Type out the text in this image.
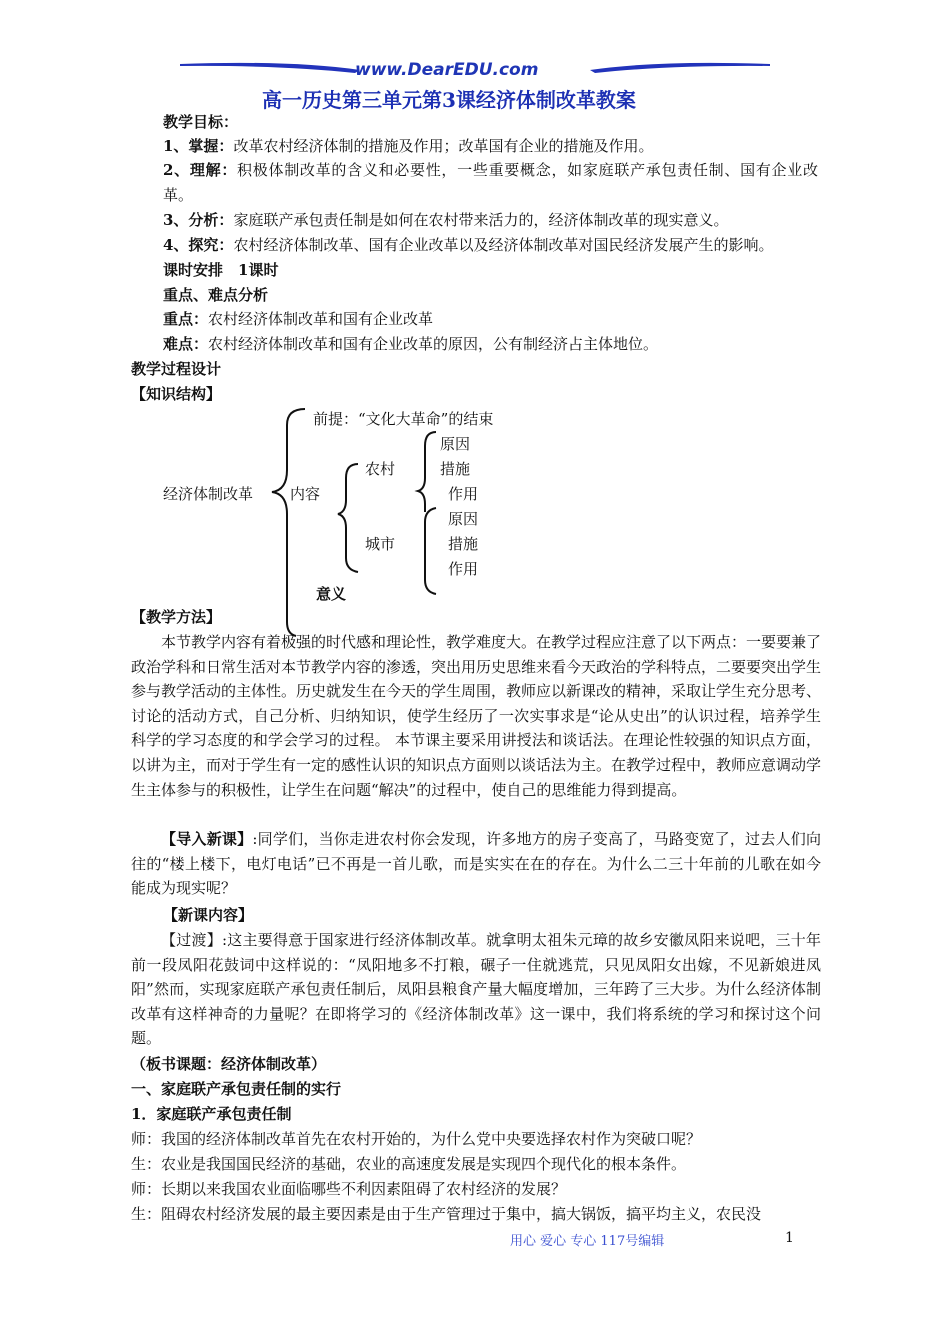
www.DearEDU.com
高一历史第三单元第3课经济体制改革教案
教学目标：
1、掌握：改革农村经济体制的措施及作用；改革国有企业的措施及作用。
2、理解：积极体制改革的含义和必要性，一些重要概念，如家庭联产承包责任制、国有企业改革。
3、分析：家庭联产承包责任制是如何在农村带来活力的，经济体制改革的现实意义。
4、探究：农村经济体制改革、国有企业改革以及经济体制改革对国民经济发展产生的影响。
课时安排　1课时
重点、难点分析
重点：农村经济体制改革和国有企业改革
难点：农村经济体制改革和国有企业改革的原因，公有制经济占主体地位。
教学过程设计
【知识结构】
前提：“文化大革命”的结束
原因
农村	措施
经济体制改革 内容	作用
原因
城市	措施
作用
意义
【教学方法】
本节教学内容有着极强的时代感和理论性，教学难度大。在教学过程应注意了以下两点：一要要兼了政治学科和日常生活对本节教学内容的渗透，突出用历史思维来看今天政治的学科特点，二要要突出学生参与教学活动的主体性。历史就发生在今天的学生周围，教师应以新课改的精神，采取让学生充分思考、讨论的活动方式，自己分析、归纳知识，使学生经历了一次实事求是“论从史出”的认识过程，培养学生科学的学习态度的和学会学习的过程。 本节课主要采用讲授法和谈话法。在理论性较强的知识点方面，以讲为主，而对于学生有一定的感性认识的知识点方面则以谈话法为主。在教学过程中，教师应意调动学生主体参与的积极性，让学生在问题“解决”的过程中，使自己的思维能力得到提高。
【导入新课】:同学们，当你走进农村你会发现，许多地方的房子变高了，马路变宽了，过去人们向往的“楼上楼下，电灯电话”已不再是一首儿歌，而是实实在在的存在。为什么二三十年前的儿歌在如今能成为现实呢？
【新课内容】
【过渡】:这主要得意于国家进行经济体制改革。就拿明太祖朱元璋的故乡安徽凤阳来说吧，三十年前一段凤阳花鼓词中这样说的：“凤阳地多不打粮，碾子一住就逃荒，只见凤阳女出嫁，不见新娘进凤阳”然而，实现家庭联产承包责任制后，凤阳县粮食产量大幅度增加，三年跨了三大步。为什么经济体制改革有这样神奇的力量呢？在即将学习的《经济体制改革》这一课中，我们将系统的学习和探讨这个问题。
（板书课题：经济体制改革）
一、家庭联产承包责任制的实行
1．家庭联产承包责任制
师：我国的经济体制改革首先在农村开始的，为什么党中央要选择农村作为突破口呢？
生：农业是我国国民经济的基础，农业的高速度发展是实现四个现代化的根本条件。
师：长期以来我国农业面临哪些不利因素阻碍了农村经济的发展？
生：阻碍农村经济发展的最主要因素是由于生产管理过于集中，搞大锅饭，搞平均主义，农民没
用心 爱心 专心 117号编辑	1
